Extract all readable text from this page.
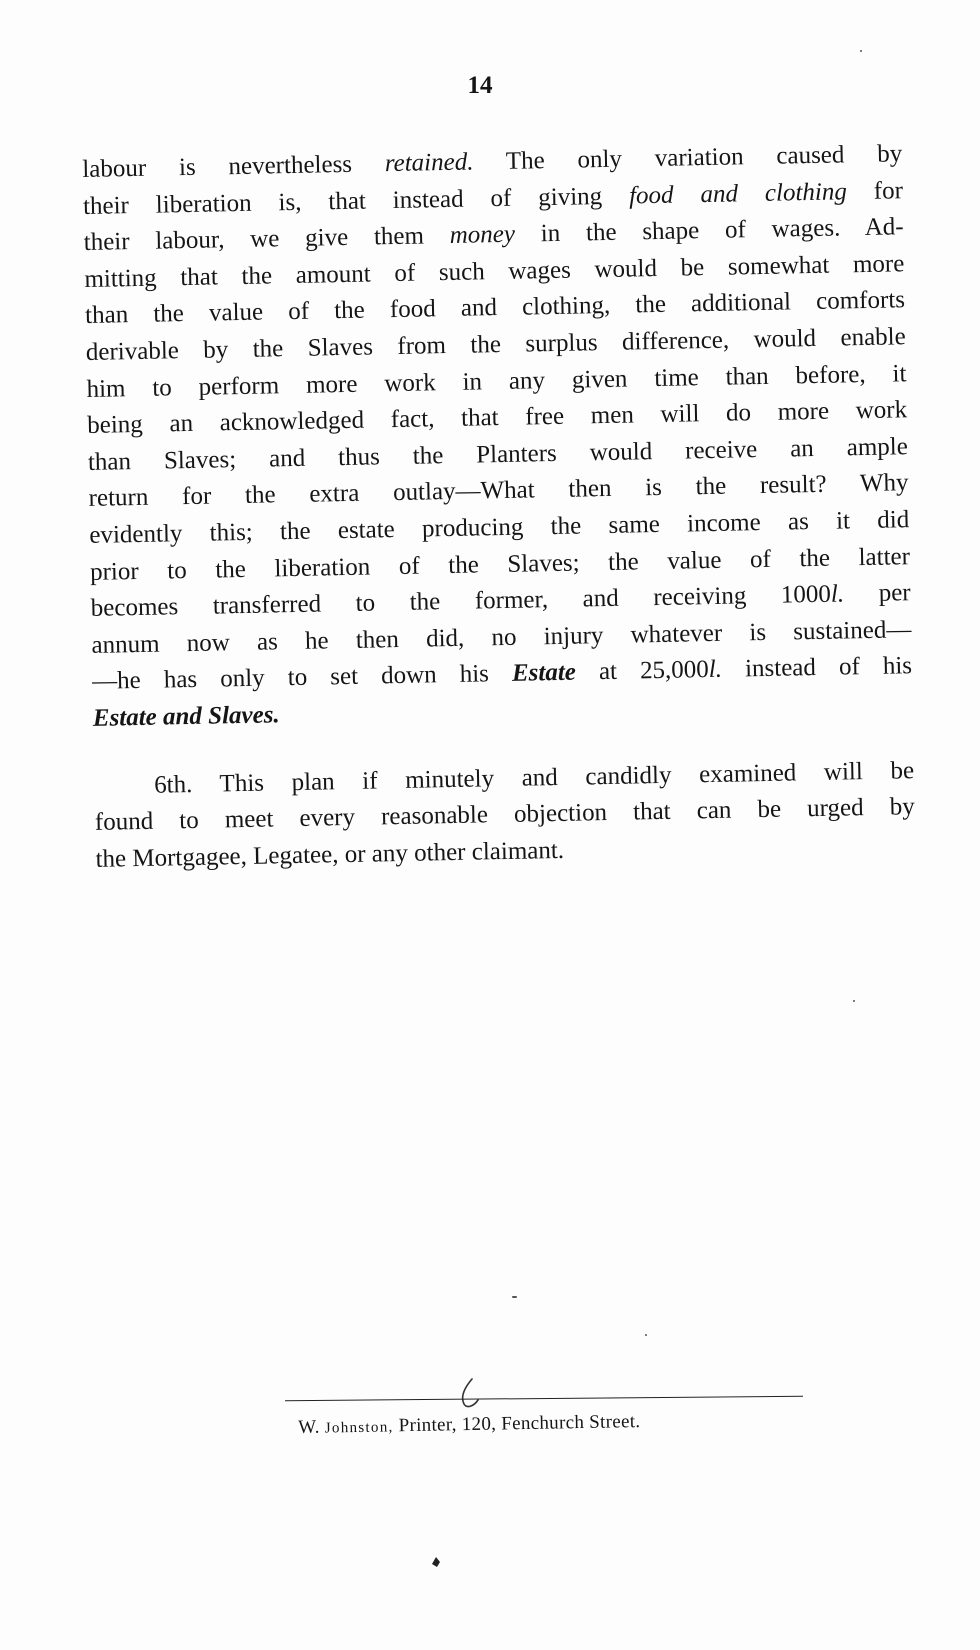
14
labour is nevertheless retained. The only variation caused by
their liberation is, that instead of giving food and clothing for
their labour, we give them money in the shape of wages. Ad-
mitting that the amount of such wages would be somewhat more
than the value of the food and clothing, the additional comforts
derivable by the Slaves from the surplus difference, would enable
him to perform more work in any given time than before, it
being an acknowledged fact, that free men will do more work
than Slaves; and thus the Planters would receive an ample
return for the extra outlay—What then is the result? Why
evidently this; the estate producing the same income as it did
prior to the liberation of the Slaves; the value of the latter
becomes transferred to the former, and receiving 1000l. per
annum now as he then did, no injury whatever is sustained—
—he has only to set down his Estate at 25,000l. instead of his
Estate and Slaves.
6th. This plan if minutely and candidly examined will be
found to meet every reasonable objection that can be urged by
the Mortgagee, Legatee, or any other claimant.
W. Johnston, Printer, 120, Fenchurch Street.
